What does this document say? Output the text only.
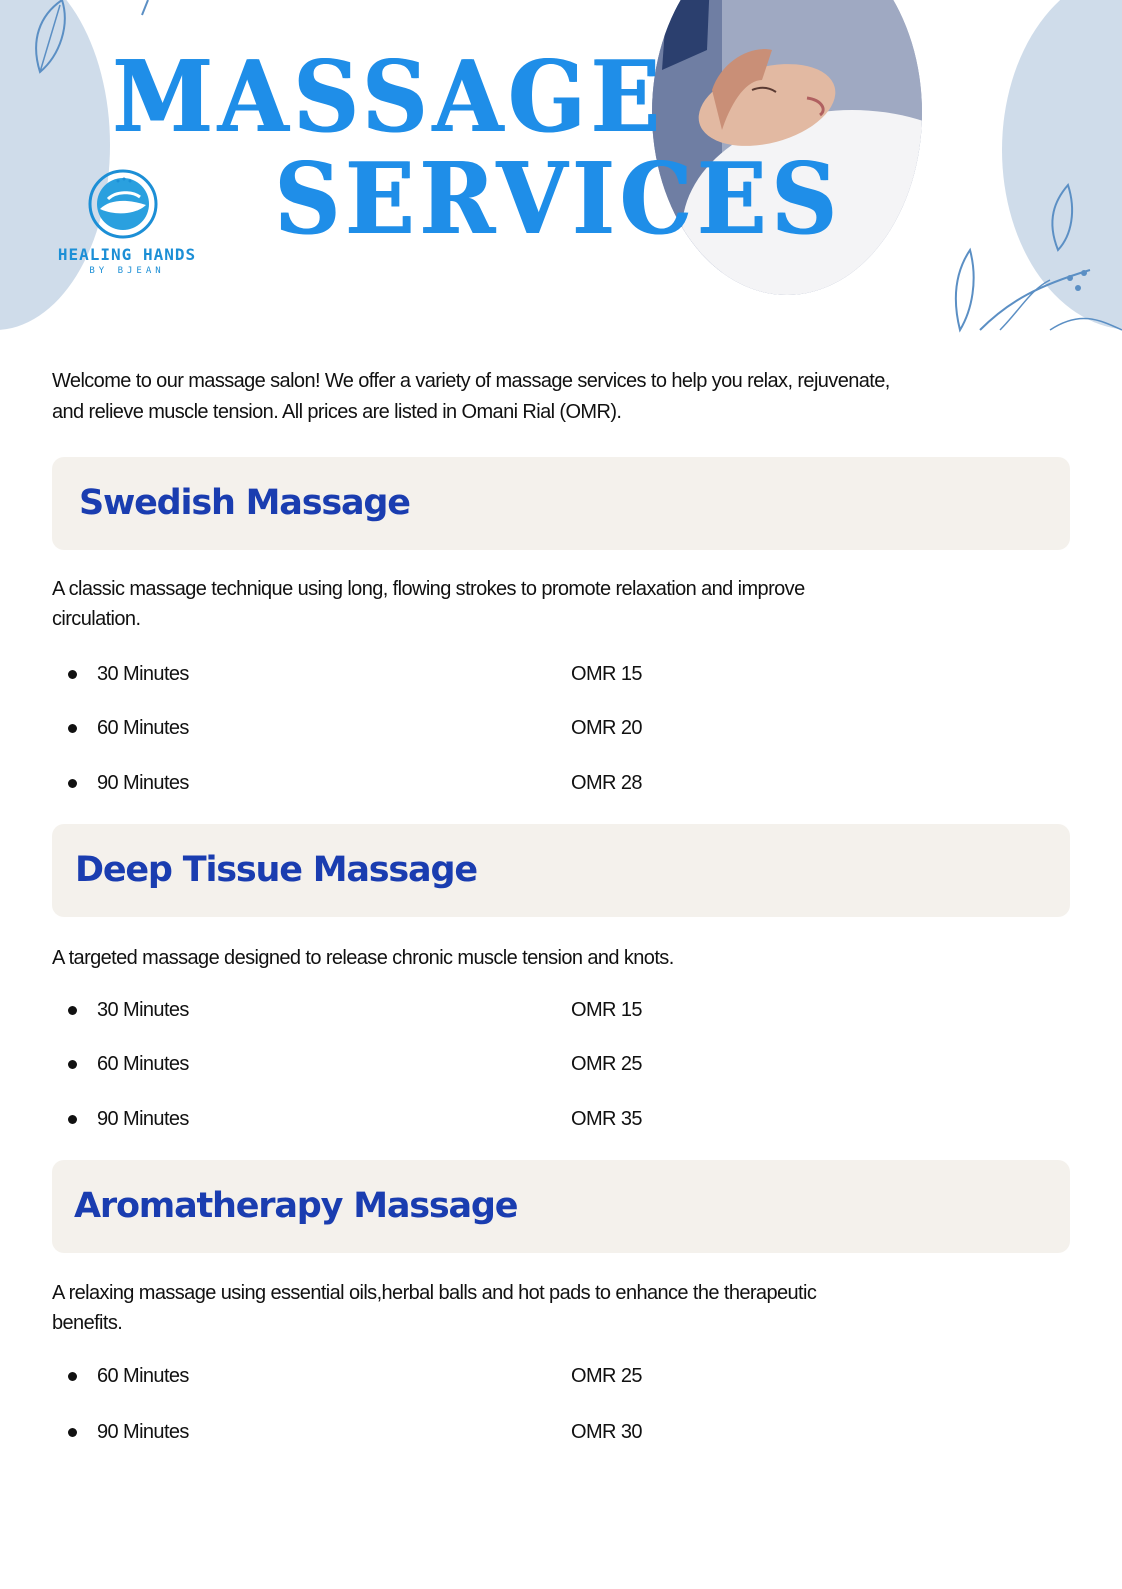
MASSAGE
SERVICES
HEALING HANDS
BY BJEAN
Welcome to our massage salon! We offer a variety of massage services to help you relax, rejuvenate,
and relieve muscle tension. All prices are listed in Omani Rial (OMR).
Swedish Massage
A classic massage technique using long, flowing strokes to promote relaxation and improve
circulation.
30 Minutes	OMR 15
60 Minutes	OMR 20
90 Minutes	OMR 28
Deep Tissue Massage
A targeted massage designed to release chronic muscle tension and knots.
30 Minutes	OMR 15
60 Minutes	OMR 25
90 Minutes	OMR 35
Aromatherapy Massage
A relaxing massage using essential oils,herbal balls and hot pads to enhance the therapeutic
benefits.
60 Minutes	OMR 25
90 Minutes	OMR 30
